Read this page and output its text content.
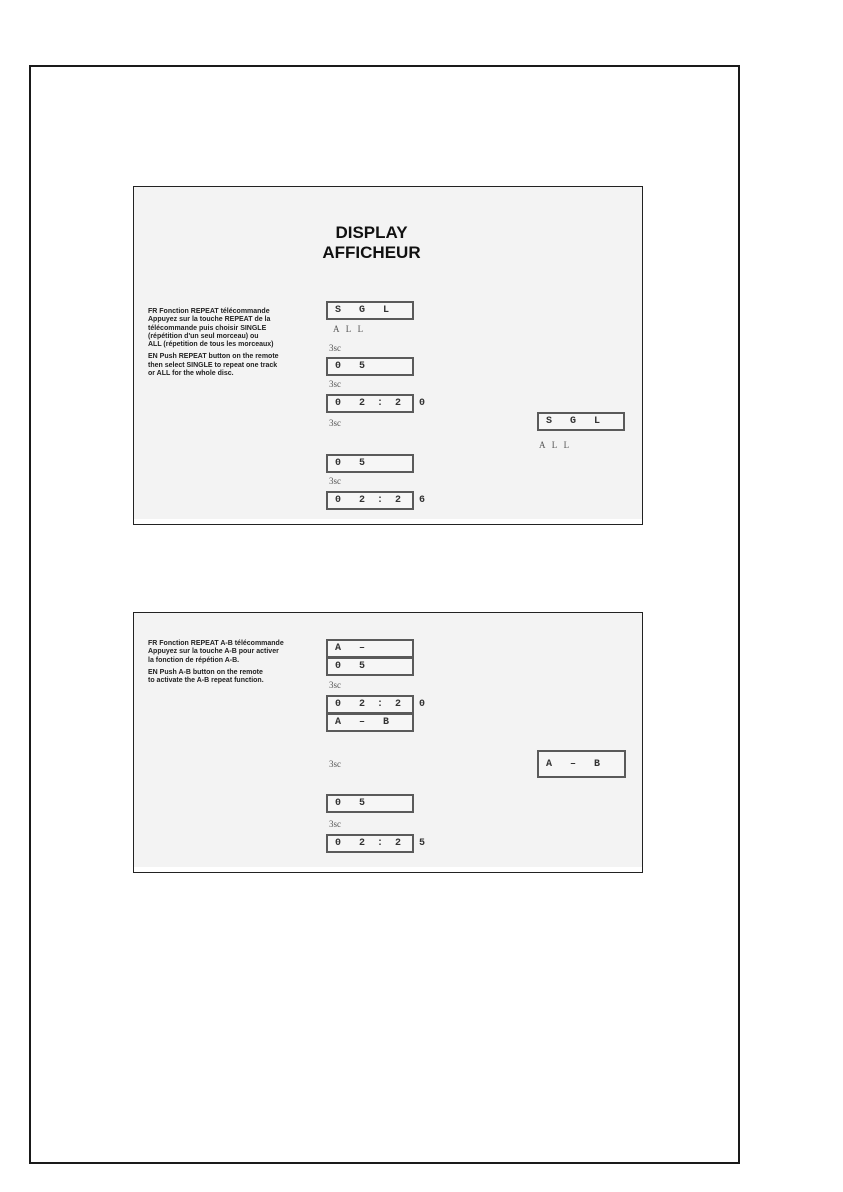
DISPLAY
AFFICHEUR

FR Fonction REPEAT télécommande
Appuyez sur la touche REPEAT de la
télécommande puis choisir SINGLE
(répétition d'un seul morceau) ou
ALL (répetition de tous les morceaux)

EN Push REPEAT button on the remote
then select SINGLE to repeat one track
or ALL for the whole disc.

S   G   L
A   L   L
3sc
0   5
3sc
0   2  :  2   0
3sc	S   G   L
A   L   L
0   5
3sc
0   2  :  2   6

FR Fonction REPEAT A-B télécommande
Appuyez sur la touche A-B pour activer
la fonction de répétion A-B.

EN Push A-B button on the remote
to activate the A-B repeat function.

A   –
0   5
3sc
0   2  :  2   0
A   –   B
3sc	A   –   B
0   5
3sc
0   2  :  2   5
